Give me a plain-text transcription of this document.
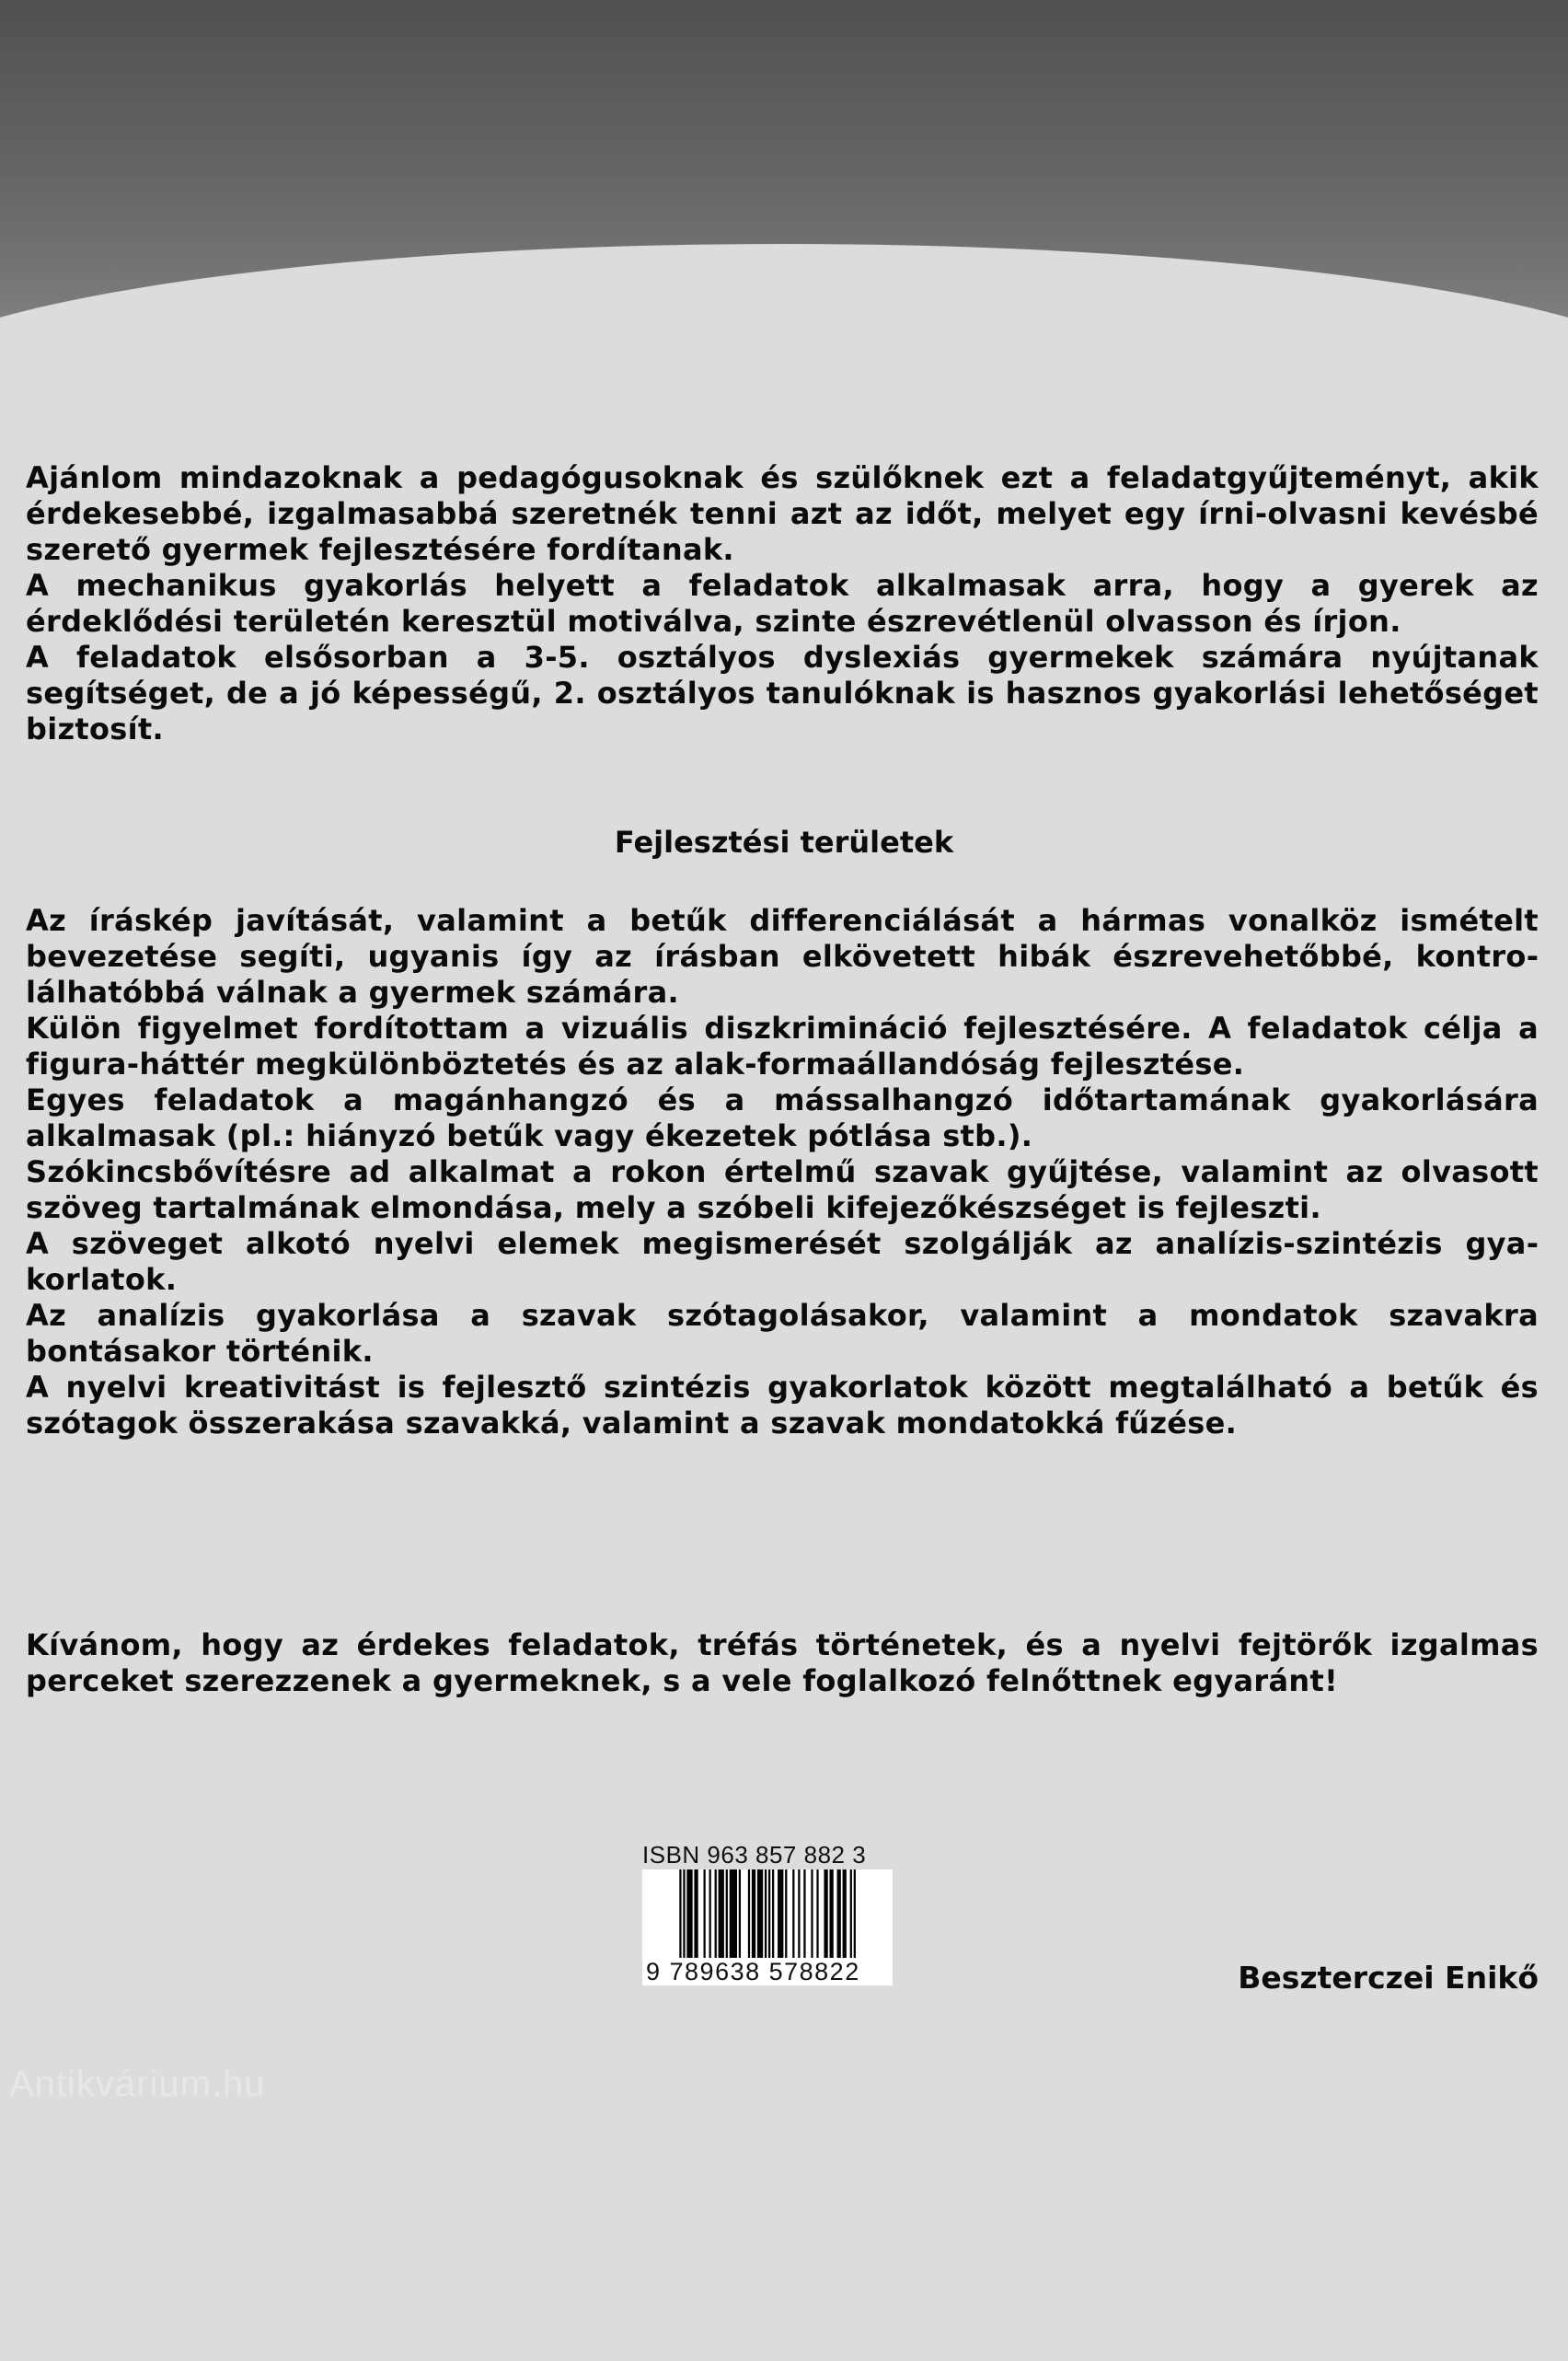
Ajánlom mindazoknak a pedagógusoknak és szülőknek ezt a feladatgyűjteményt, akik érdekesebbé, izgalmasabbá szeretnék tenni azt az időt, melyet egy írni-olvasni kevésbé szerető gyermek fejlesztésére fordítanak.

A mechanikus gyakorlás helyett a feladatok alkalmasak arra, hogy a gyerek az érdeklődési területén keresztül motiválva, szinte észrevétlenül olvasson és írjon.

A feladatok elsősorban a 3-5. osztályos dyslexiás gyermekek számára nyújtanak segítséget, de a jó képességű, 2. osztályos tanulóknak is hasznos gyakorlási lehetőséget biztosít.

Fejlesztési területek

Az íráskép javítását, valamint a betűk differenciálását a hármas vonalköz ismételt bevezetése segíti, ugyanis így az írásban elkövetett hibák észrevehetőbbé, kontrolálhatóbbá válnak a gyermek számára.

Külön figyelmet fordítottam a vizuális diszkrimináció fejlesztésére. A feladatok célja a figura-háttér megkülönböztetés és az alak-formaállandóság fejlesztése.

Egyes feladatok a magánhangzó és a mássalhangzó időtartamának gyakorlására alkalmasak (pl.: hiányzó betűk vagy ékezetek pótlása stb.).

Szókincsbővítésre ad alkalmat a rokon értelmű szavak gyűjtése, valamint az olvasott szöveg tartalmának elmondása, mely a szóbeli kifejezőkészséget is fejleszti.

A szöveget alkotó nyelvi elemek megismerését szolgálják az analízis-szintézis gyakorlatok.

Az analízis gyakorlása a szavak szótagolásakor, valamint a mondatok szavakra bontásakor történik.

A nyelvi kreativitást is fejlesztő szintézis gyakorlatok között megtalálható a betűk és szótagok összerakása szavakká, valamint a szavak mondatokká fűzése.

Kívánom, hogy az érdekes feladatok, tréfás történetek, és a nyelvi fejtörők izgalmas perceket szerezzenek a gyermeknek, s a vele foglalkozó felnőttnek egyaránt!

ISBN 963 857 882 3
9 789638 578822	Beszterczei Enikő
Antikvárium.hu
